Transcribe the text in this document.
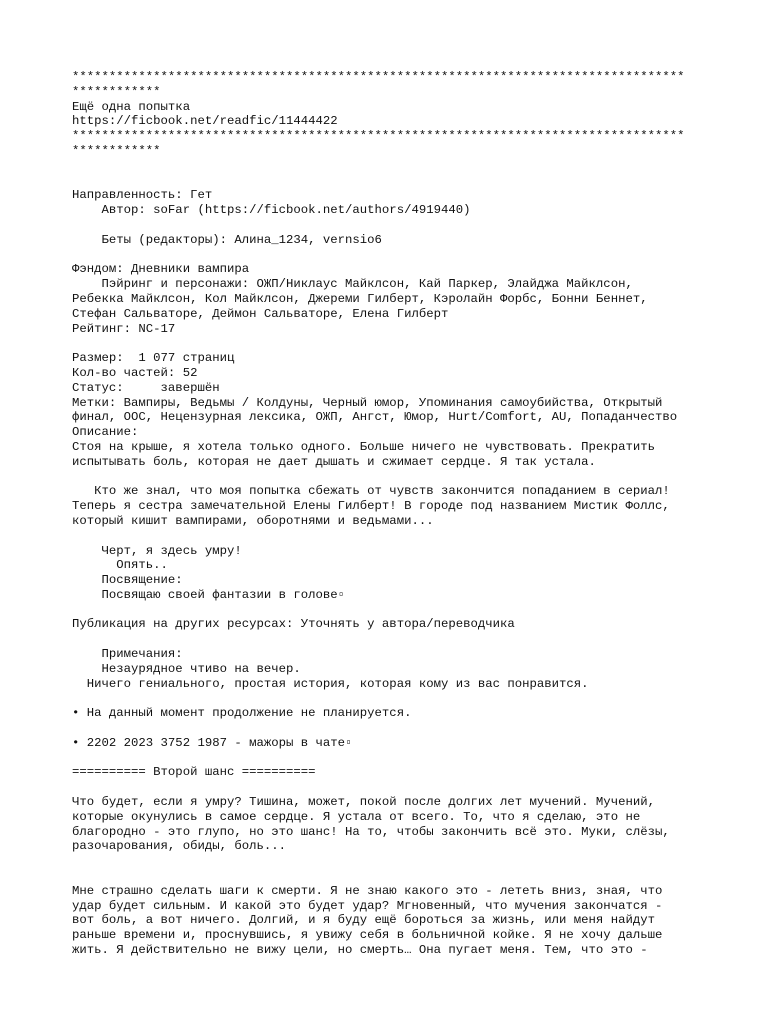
***********************************************************************************
************
Ещё одна попытка
https://ficbook.net/readfic/11444422
***********************************************************************************
************
Направленность: Гет
Автор: soFar (https://ficbook.net/authors/4919440)
Беты (редакторы): Алина_1234, vernsio6
Фэндом: Дневники вампира
Пэйринг и персонажи: ОЖП/Никлаус Майклсон, Кай Паркер, Элайджа Майклсон,
Ребекка Майклсон, Кол Майклсон, Джереми Гилберт, Кэролайн Форбс, Бонни Беннет,
Стефан Сальваторе, Деймон Сальваторе, Елена Гилберт
Рейтинг: NC-17
Размер:  1 077 страниц
Кол-во частей: 52
Статус:     завершён
Метки: Вампиры, Ведьмы / Колдуны, Черный юмор, Упоминания самоубийства, Открытый
финал, ООС, Нецензурная лексика, ОЖП, Ангст, Юмор, Hurt/Comfort, AU, Попаданчество
Описание:
Стоя на крыше, я хотела только одного. Больше ничего не чувствовать. Прекратить
испытывать боль, которая не дает дышать и сжимает сердце. Я так устала.
Кто же знал, что моя попытка сбежать от чувств закончится попаданием в сериал!
Теперь я сестра замечательной Елены Гилберт! В городе под названием Мистик Фоллс,
который кишит вампирами, оборотнями и ведьмами...
Черт, я здесь умру!
Опять..
Посвящение:
Посвящаю своей фантазии в голове▫
Публикация на других ресурсах: Уточнять у автора/переводчика
Примечания:
Незаурядное чтиво на вечер.
Ничего гениального, простая история, которая кому из вас понравится.
• На данный момент продолжение не планируется.
• 2202 2023 3752 1987 - мажоры в чате▫
========== Второй шанс ==========
Что будет, если я умру? Тишина, может, покой после долгих лет мучений. Мучений,
которые окунулись в самое сердце. Я устала от всего. То, что я сделаю, это не
благородно - это глупо, но это шанс! На то, чтобы закончить всё это. Муки, слёзы,
разочарования, обиды, боль...
Мне страшно сделать шаги к смерти. Я не знаю какого это - лететь вниз, зная, что
удар будет сильным. И какой это будет удар? Мгновенный, что мучения закончатся -
вот боль, а вот ничего. Долгий, и я буду ещё бороться за жизнь, или меня найдут
раньше времени и, проснувшись, я увижу себя в больничной койке. Я не хочу дальше
жить. Я действительно не вижу цели, но смерть… Она пугает меня. Тем, что это -
